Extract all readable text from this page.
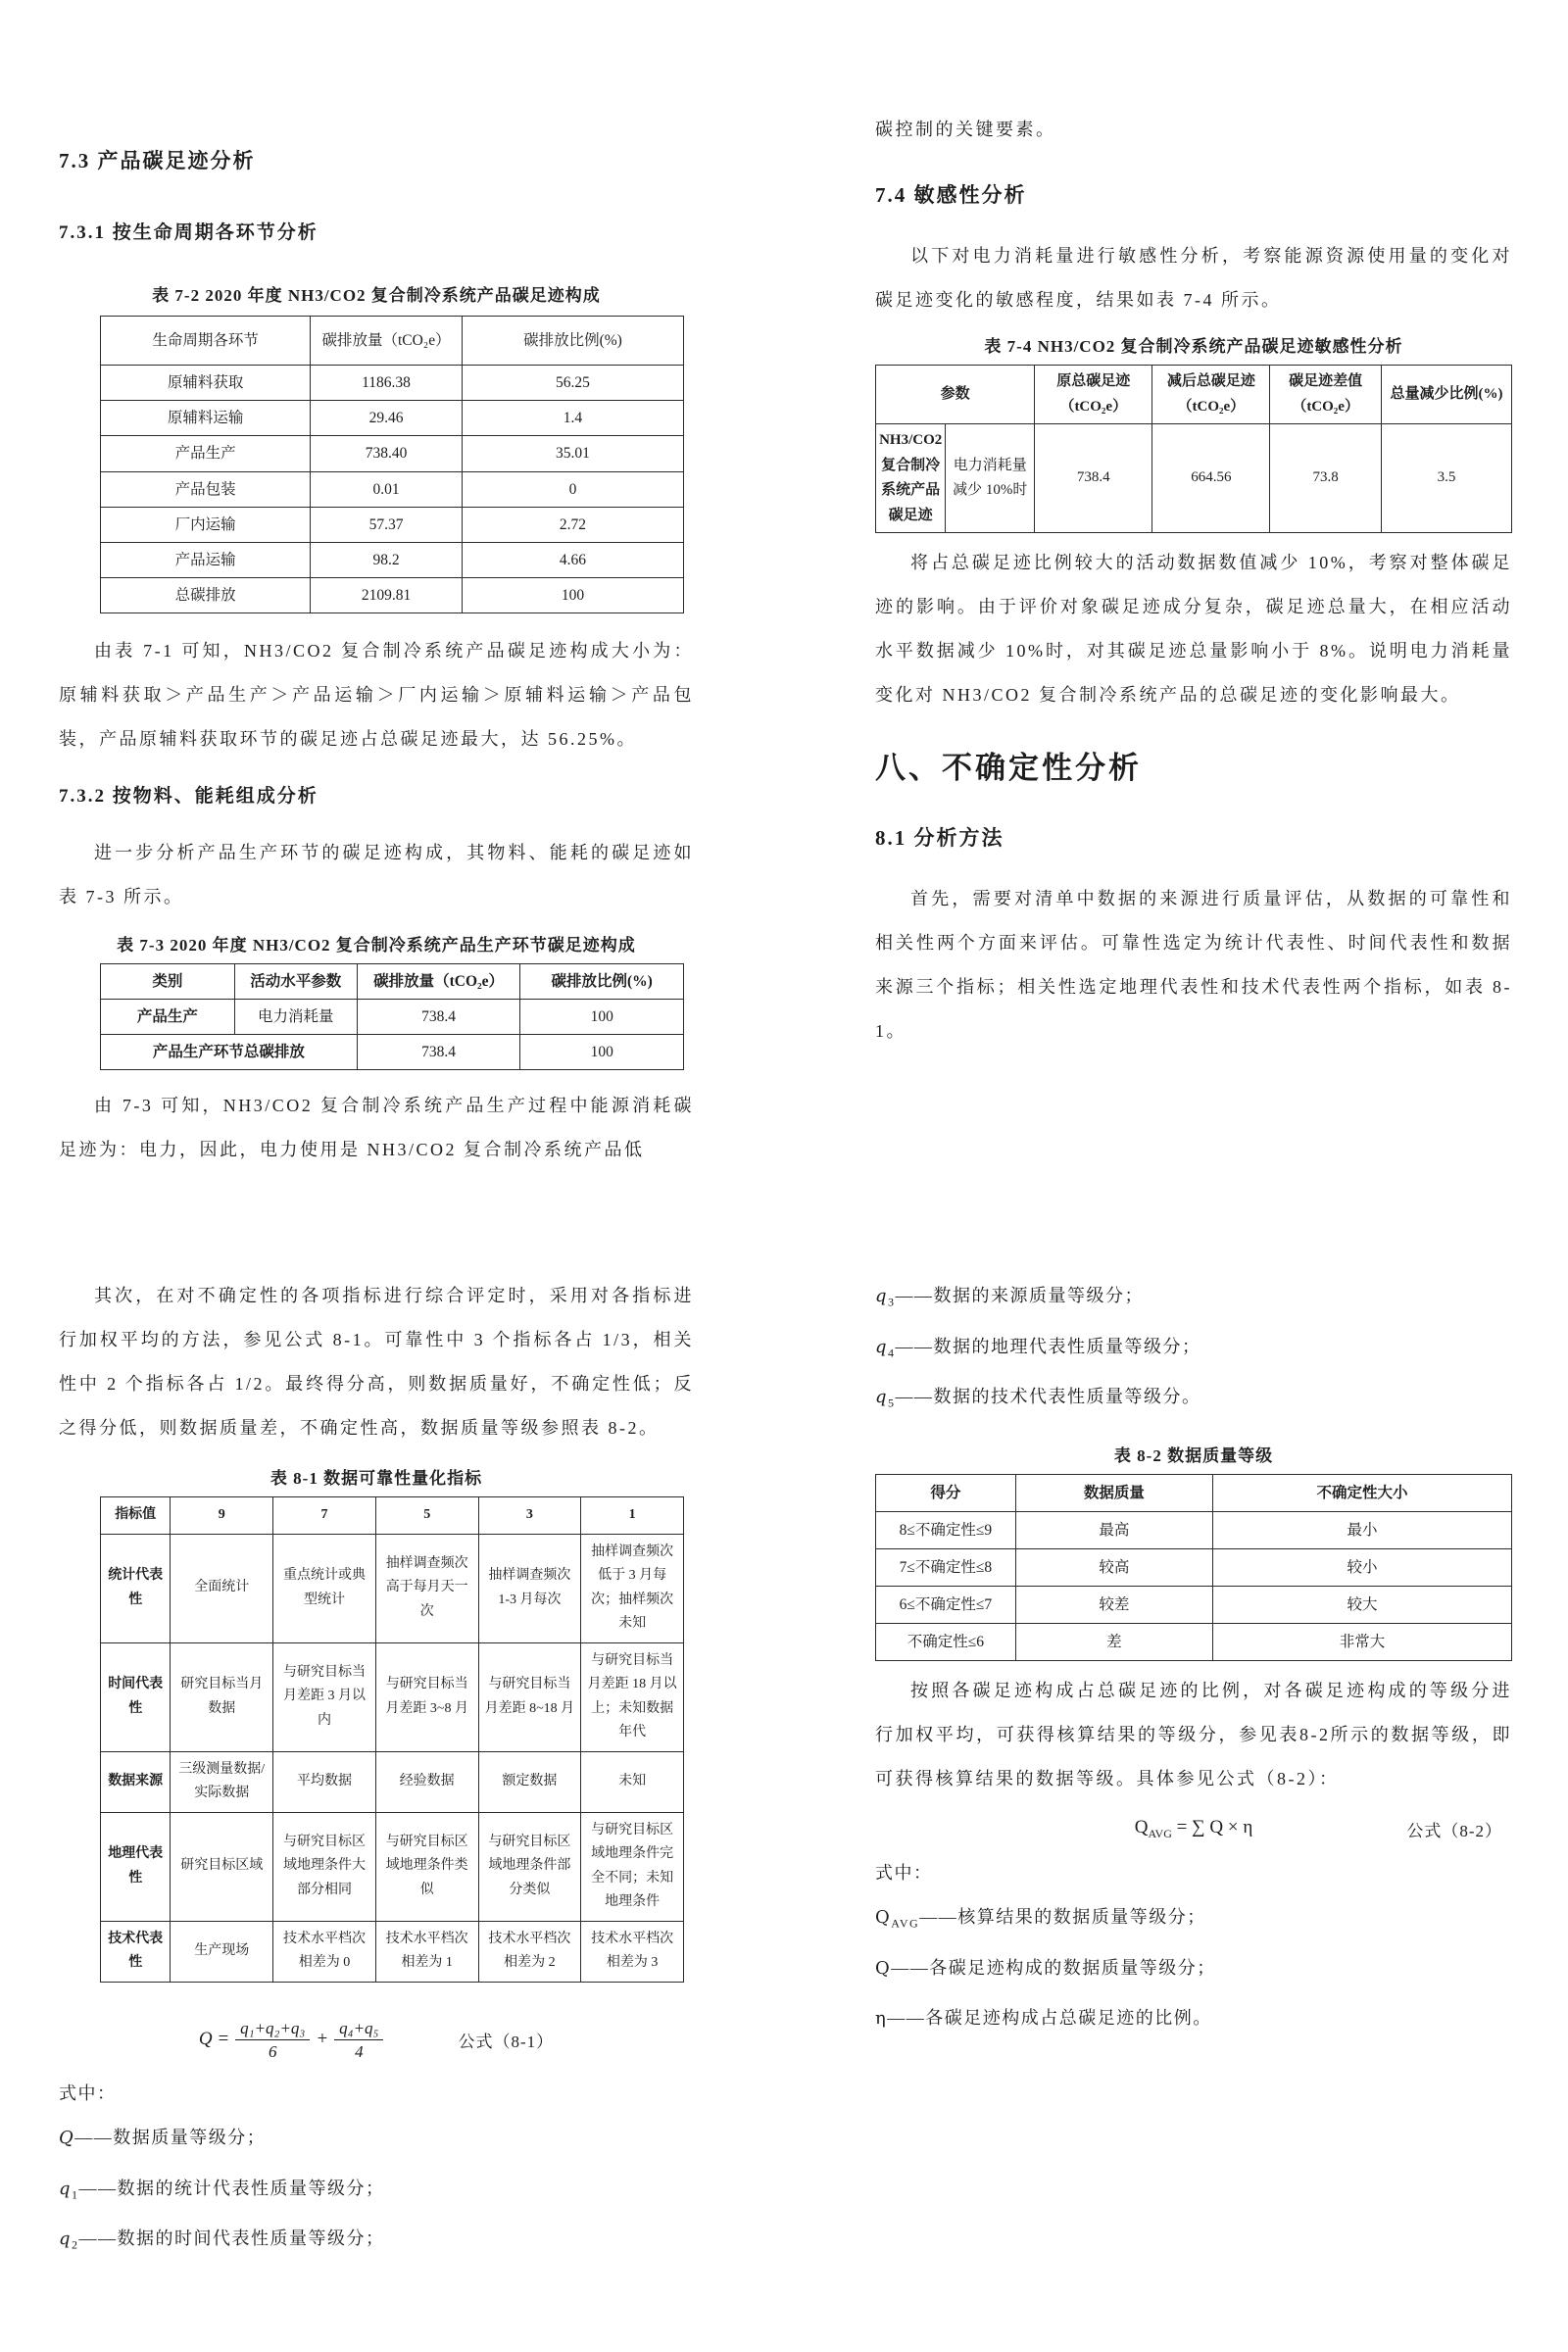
7.3 产品碳足迹分析
7.3.1 按生命周期各环节分析

表 7-2 2020 年度 NH3/CO2 复合制冷系统产品碳足迹构成

生命周期各环节	碳排放量（tCO₂e）	碳排放比例(%)
原辅料获取	1186.38	56.25
原辅料运输	29.46	1.4
产品生产	738.40	35.01
产品包装	0.01	0
厂内运输	57.37	2.72
产品运输	98.2	4.66
总碳排放	2109.81	100

由表 7-1 可知，NH3/CO2 复合制冷系统产品碳足迹构成大小为：原辅料获取＞产品生产＞产品运输＞厂内运输＞原辅料运输＞产品包装，产品原辅料获取环节的碳足迹占总碳足迹最大，达 56.25%。

7.3.2 按物料、能耗组成分析

进一步分析产品生产环节的碳足迹构成，其物料、能耗的碳足迹如表 7-3 所示。

表 7-3 2020 年度 NH3/CO2 复合制冷系统产品生产环节碳足迹构成

类别	活动水平参数	碳排放量（tCO₂e）	碳排放比例(%)
产品生产	电力消耗量	738.4	100
产品生产环节总碳排放		738.4	100

由 7-3 可知，NH3/CO2 复合制冷系统产品生产过程中能源消耗碳足迹为：电力，因此，电力使用是 NH3/CO2 复合制冷系统产品低

碳控制的关键要素。

7.4 敏感性分析

以下对电力消耗量进行敏感性分析，考察能源资源使用量的变化对碳足迹变化的敏感程度，结果如表 7-4 所示。

表 7-4 NH3/CO2 复合制冷系统产品碳足迹敏感性分析

参数		原总碳足迹（tCO₂e）	减后总碳足迹（tCO₂e）	碳足迹差值（tCO₂e）	总量减少比例(%)
NH3/CO2 复合制冷系统产品碳足迹	电力消耗量减少 10%时	738.4	664.56	73.8	3.5

将占总碳足迹比例较大的活动数据数值减少 10%，考察对整体碳足迹的影响。由于评价对象碳足迹成分复杂，碳足迹总量大，在相应活动水平数据减少 10%时，对其碳足迹总量影响小于 8%。说明电力消耗量变化对 NH3/CO2 复合制冷系统产品的总碳足迹的变化影响最大。

八、不确定性分析
8.1 分析方法

首先，需要对清单中数据的来源进行质量评估，从数据的可靠性和相关性两个方面来评估。可靠性选定为统计代表性、时间代表性和数据来源三个指标；相关性选定地理代表性和技术代表性两个指标，如表 8-1。

其次，在对不确定性的各项指标进行综合评定时，采用对各指标进行加权平均的方法，参见公式 8-1。可靠性中 3 个指标各占 1/3，相关性中 2 个指标各占 1/2。最终得分高，则数据质量好，不确定性低；反之得分低，则数据质量差，不确定性高，数据质量等级参照表 8-2。

表 8-1 数据可靠性量化指标

指标值	9	7	5	3	1
统计代表性	全面统计	重点统计或典型统计	抽样调查频次高于每月天一次	抽样调查频次 1-3 月每次	抽样调查频次低于 3 月每次；抽样频次未知
时间代表性	研究目标当月数据	与研究目标当月差距 3 月以内	与研究目标当月差距 3~8 月	与研究目标当月差距 8~18 月	与研究目标当月差距 18 月以上；未知数据年代
数据来源	三级测量数据/实际数据	平均数据	经验数据	额定数据	未知
地理代表性	研究目标区域	与研究目标区域地理条件大部分相同	与研究目标区域地理条件类似	与研究目标区域地理条件部分类似	与研究目标区域地理条件完全不同；未知地理条件
技术代表性	生产现场	技术水平档次相差为 0	技术水平档次相差为 1	技术水平档次相差为 2	技术水平档次相差为 3
$Q = \frac{\text{q₁+q₂+q₃}}{6} + \frac{\text{q₄+q₅}}{4}$	公式（8-1）

式中：

Q——数据质量等级分；

$q_1——$数据的统计代表性质量等级分；

$q_2——$数据的时间代表性质量等级分；

$q_3——$数据的来源质量等级分；

$q_4——$数据的地理代表性质量等级分；

$q_5——$数据的技术代表性质量等级分。

表 8-2 数据质量等级

得分	数据质量	不确定性大小
8≤不确定性≤9	最高	最小
7≤不确定性≤8	较高	较小
6≤不确定性≤7	较差	较大
不确定性≤6	差	非常大

按照各碳足迹构成占总碳足迹的比例，对各碳足迹构成的等级分进行加权平均，可获得核算结果的等级分，参见表8-2所示的数据等级，即可获得核算结果的数据等级。具体参见公式（8-2）：

$Q_{AVG}$ = ∑ Q × η	公式（8-2）

式中：

$Q_{AVG}——$核算结果的数据质量等级分；

Q——各碳足迹构成的数据质量等级分；

η——各碳足迹构成占总碳足迹的比例。
